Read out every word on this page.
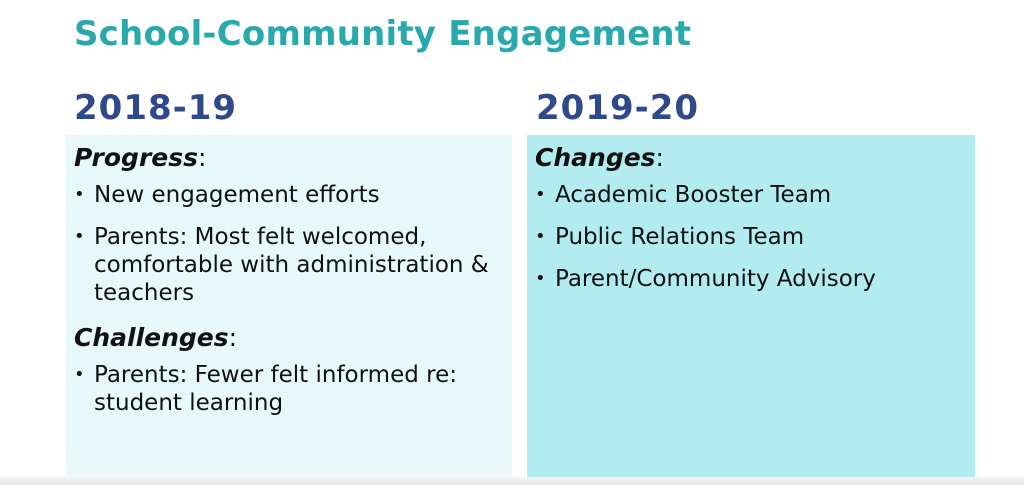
School-Community Engagement
2018-19	2019-20

Progress:

• New engagement efforts
• Parents: Most felt welcomed, comfortable with administration & teachers

Challenges:

• Parents: Fewer felt informed re: student learning

Changes:

• Academic Booster Team
• Public Relations Team
• Parent/Community Advisory
